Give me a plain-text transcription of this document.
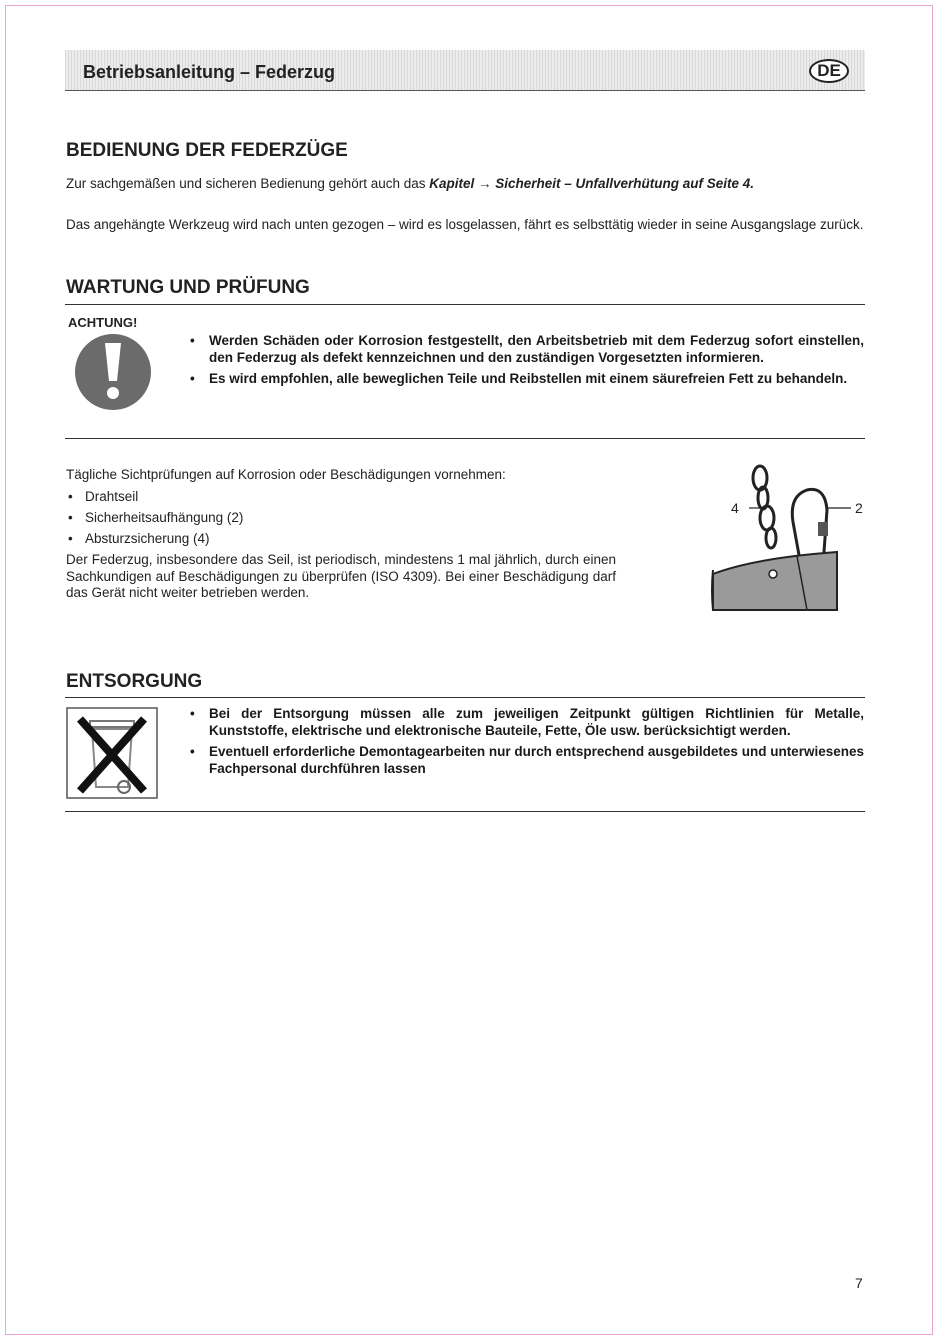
Betriebsanleitung – Federzug	DE
BEDIENUNG DER FEDERZÜGE
Zur sachgemäßen und sicheren Bedienung gehört auch das Kapitel → Sicherheit – Unfallverhütung auf Seite 4.
Das angehängte Werkzeug wird nach unten gezogen – wird es losgelassen, fährt es selbsttätig wieder in seine Ausgangslage zurück.
WARTUNG UND PRÜFUNG
ACHTUNG!
• Werden Schäden oder Korrosion festgestellt, den Arbeitsbetrieb mit dem Federzug sofort einstellen, den Federzug als defekt kennzeichnen und den zuständigen Vorgesetzten informieren.
• Es wird empfohlen, alle beweglichen Teile und Reibstellen mit einem säurefreien Fett zu behandeln.
Tägliche Sichtprüfungen auf Korrosion oder Beschädigungen vornehmen:
• Drahtseil
• Sicherheitsaufhängung (2)
• Absturzsicherung (4)
Der Federzug, insbesondere das Seil, ist periodisch, mindestens 1 mal jährlich, durch einen Sachkundigen auf Beschädigungen zu überprüfen (ISO 4309). Bei einer Beschädigung darf das Gerät nicht weiter betrieben werden.
4	2
ENTSORGUNG
• Bei der Entsorgung müssen alle zum jeweiligen Zeitpunkt gültigen Richtlinien für Metalle, Kunststoffe, elektrische und elektronische Bauteile, Fette, Öle usw. berücksichtigt werden.
• Eventuell erforderliche Demontagearbeiten nur durch entsprechend ausgebildetes und unterwiesenes Fachpersonal durchführen lassen
7
